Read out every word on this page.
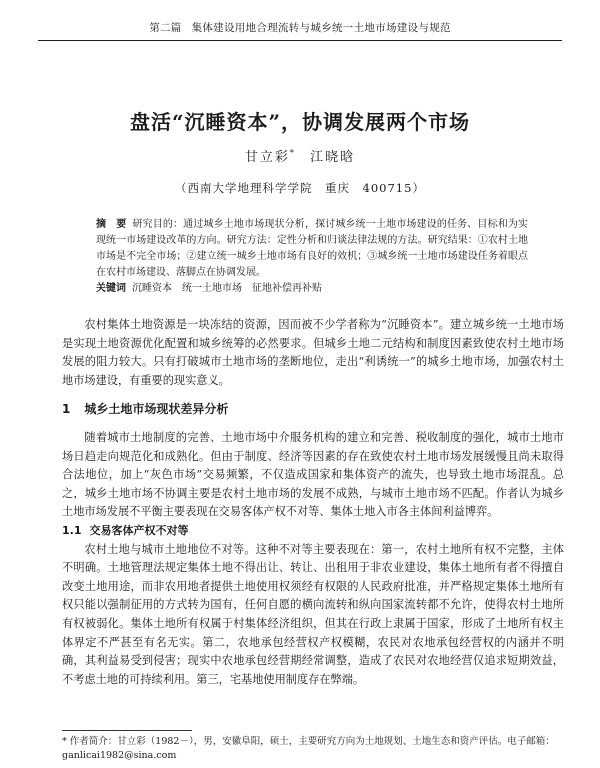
第二篇 集体建设用地合理流转与城乡统一土地市场建设与规范
盘活“沉睡资本”，协调发展两个市场
甘立彩* 江晓晗
（西南大学地理科学学院　重庆　400715）
摘　要 研究目的：通过城乡土地市场现状分析，探讨城乡统一土地市场建设的任务、目标和为实现统一市场建设改革的方向。研究方法：定性分析和归谈法律法规的方法。研究结果：①农村土地市场是不完全市场；②建立统一城乡土地市场有良好的效机；③城乡统一土地市场建设任务着眼点在农村市场建设、落脚点在协调发展。
关键词 沉睡资本　统一土地市场　征地补偿再补贴

农村集体土地资源是一块冻结的资源，因而被不少学者称为“沉睡资本”。建立城乡统一土地市场是实现土地资源优化配置和城乡统筹的必然要求。但城乡土地二元结构和制度因素致使农村土地市场发展的阻力较大。只有打破城市土地市场的垄断地位，走出“利诱统一”的城乡土地市场，加强农村土地市场建设，有重要的现实意义。

1 城乡土地市场现状差异分析

随着城市土地制度的完善、土地市场中介服务机构的建立和完善、税收制度的强化，城市土地市场日趋走向规范化和成熟化。但由于制度、经济等因素的存在致使农村土地市场发展缓慢且尚未取得合法地位，加上“灰色市场”交易频繁，不仅造成国家和集体资产的流失，也导致土地市场混乱。总之，城乡土地市场不协调主要是农村土地市场的发展不成熟，与城市土地市场不匹配。作者认为城乡土地市场发展不平衡主要表现在交易客体产权不对等、集体土地入市各主体间利益博弈。

1.1 交易客体产权不对等

农村土地与城市土地地位不对等。这种不对等主要表现在：第一，农村土地所有权不完整，主体不明确。土地管理法规定集体土地不得出让、转让、出租用于非农业建设，集体土地所有者不得擅自改变土地用途，而非农用地者提供土地使用权须经有权限的人民政府批准，并严格规定集体土地所有权只能以强制征用的方式转为国有，任何自愿的横向流转和纵向国家流转都不允许，使得农村土地所有权被弱化。集体土地所有权属于村集体经济组织，但其在行政上隶属于国家，形成了土地所有权主体界定不严甚至有名无实。第二，农地承包经营权产权模糊，农民对农地承包经营权的内涵并不明确，其利益易受到侵害；现实中农地承包经营期经常调整，造成了农民对农地经营仅追求短期效益，不考虑土地的可持续利用。第三，宅基地使用制度存在弊端。

* 作者简介：甘立彩（1982－），男，安徽阜阳，硕士，主要研究方向为土地规划、土地生态和资产评估。电子邮箱：ganlicai1982@sina.com
